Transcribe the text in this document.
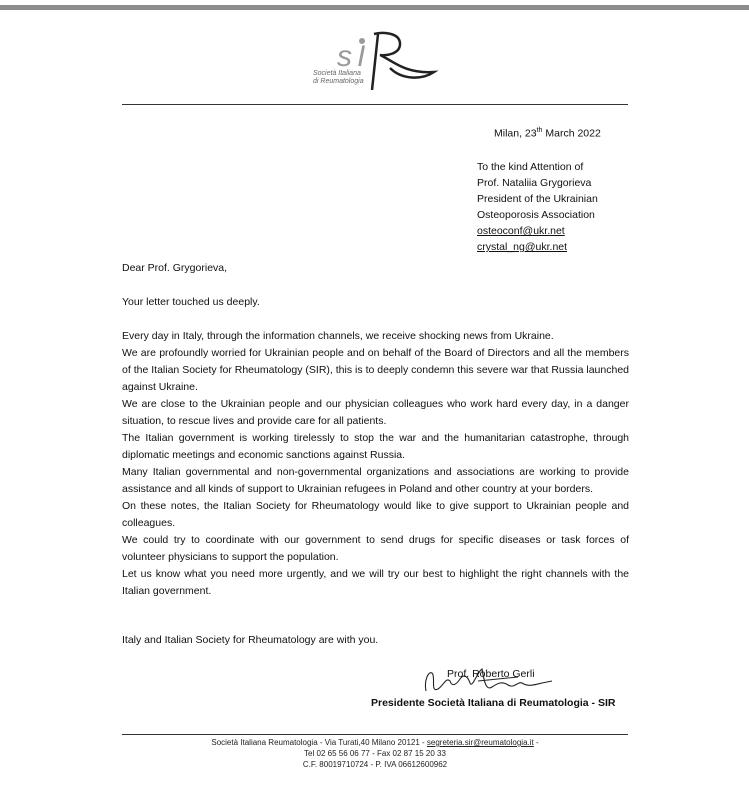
s I
Società Italiana
di Reumatologia
Milan, 23th March 2022
To the kind Attention of
Prof. Nataliia Grygorieva
President of the Ukrainian
Osteoporosis Association
osteoconf@ukr.net
crystal_ng@ukr.net
Dear Prof. Grygorieva,
Your letter touched us deeply.

Every day in Italy, through the information channels, we receive shocking news from Ukraine.

We are profoundly worried for Ukrainian people and on behalf of the Board of Directors and all the members of the Italian Society for Rheumatology (SIR), this is to deeply condemn this severe war that Russia launched against Ukraine.

We are close to the Ukrainian people and our physician colleagues who work hard every day, in a danger situation, to rescue lives and provide care for all patients.

The Italian government is working tirelessly to stop the war and the humanitarian catastrophe, through diplomatic meetings and economic sanctions against Russia.

Many Italian governmental and non-governmental organizations and associations are working to provide assistance and all kinds of support to Ukrainian refugees in Poland and other country at your borders.

On these notes, the Italian Society for Rheumatology would like to give support to Ukrainian people and colleagues.

We could try to coordinate with our government to send drugs for specific diseases or task forces of volunteer physicians to support the population.

Let us know what you need more urgently, and we will try our best to highlight the right channels with the Italian government.

Italy and Italian Society for Rheumatology are with you.
Prof. Roberto Gerli
Presidente Società Italiana di Reumatologia - SIR
Società Italiana Reumatologia - Via Turati,40 Milano 20121 - segreteria.sir@reumatologia.it -
Tel 02 65 56 06 77 - Fax 02 87 15 20 33
C.F. 80019710724 - P. IVA 06612600962
